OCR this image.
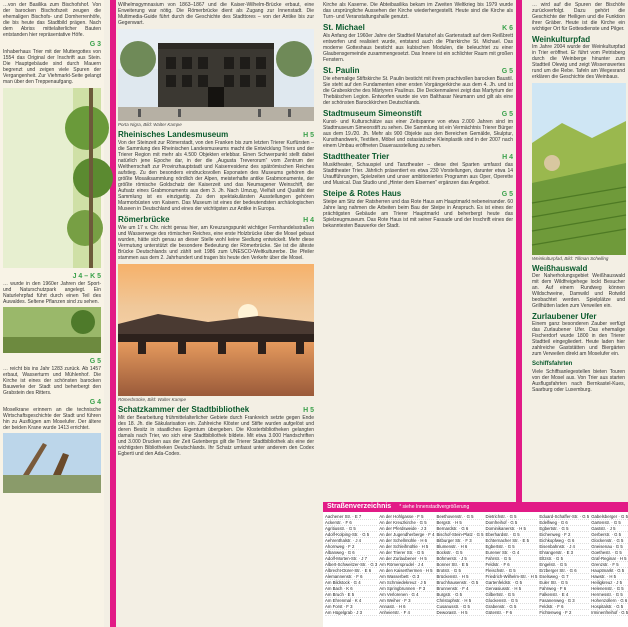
…von der Basilika zum Bischofshof. Von der barocken Bischofszeit zeugen die ehemaligen Bischofs- und Domherrenhöfe, die bis heute das Stadtbild prägen. Nach dem Abriss mittelalterlicher Bauten entstanden hier repräsentative Höfe.
G 3
Inhaberhaus Trier mit der Muttergottes von 1554 das Original der Inschrift aus Stein. Die Hauptgebäude sind durch Mauern begrenzt und zeigen viele Spuren der Vergangenheit. Zur Viehmarkt-Seite gelangt man über den Treppenaufgang.
J 4 – K 5
… wurde in den 1960er Jahren der Sport- und Naturschutzpark angelegt. Ein Naturlehrpfad führt durch einen Teil des Auwaldes. Seltene Pflanzen sind zu sehen.
G 5
… reicht bis ins Jahr 1283 zurück. Ab 1457 erbaut, Wasserturm und Mühlenhof. Die Kirche ist eines der schönsten barocken Bauwerke der Stadt und beherbergt den Grabstein des Ritters.
G 4
Moselkrane erinnern an die technische Wirtschaftsgeschichte der Stadt und führen hin zu Ausflügen am Moselufer. Der ältere der beiden Krane wurde 1413 errichtet.
Wilhelmsgymnasium von 1863–1867 und die Kaiser-Wilhelm-Brücke erbaut, eine Erweiterung war nötig. Die Römerbrücke dient als Zugang zur Innenstadt. Die Multimedia-Guide führt durch die Geschichte des Stadttores – von der Antike bis zur Gegenwart.
Porta Nigra, Bild: Walter Kampe
Rheinisches Landesmuseum	H 5
Von der Steinzeit zur Römerstadt, von den Franken bis zum letzten Trierer Kurfürsten – die Sammlung des Rheinischen Landesmuseums macht die Entwicklung Triers und der Trierer Region mit mehr als 4.500 Objekten erlebbar. Einen Schwerpunkt stellt dabei natürlich jene Epoche dar, in der die „Augusta Treverorum“ vom Zentrum der Weltherrschaft zur Provinzhauptstadt und Kaiserresidenz des spätrömischen Reiches aufstieg. Zu den besonders eindrucksvollen Exponaten des Museums gehören die größte Mosaiksammlung nördlich der Alpen, meisterhafte antike Grabmonumente, der größte römische Goldschatz der Kaiserzeit und das Neumagener Weinschiff, der Aufsatz eines Grabmonuments aus dem 3. Jh. Nach Umzug, Vielfalt und Qualität der Sammlung ist es einzigartig. Zu den spektakulärsten Ausstellungen gehören Marmorbüsten von Kaisern. Das Museum ist eines der bedeutendsten archäologischen Museen in Deutschland und eines der wichtigsten zur Antike in Europa.
Römerbrücke	H 4
Wie um 17 v. Chr. nicht genau hier, am Kreuzungspunkt wichtiger Fernhandelsstraßen und Wasserwege des römischen Reiches, eine erste Holzbrücke über die Mosel gebaut wurden, hätte sich genau an dieser Stelle wohl keine Siedlung entwickelt. Mehr diese Vermutung unterstützt die besondere Bedeutung der Römerbrücke. Sie ist die älteste Brücke Deutschlands und zählt seit 1986 zum UNESCO-Weltkulturerbe. Die Pfeiler stammen aus dem 2. Jahrhundert und tragen bis heute den Verkehr über die Mosel.
Römerbrücke, Bild: Walter Kampe
Schatzkammer der Stadtbibliothek	H 5
Mit der Bearbeitung frühmittelalterlicher Gebiete durch Frankreich setzte gegen Ende des 18. Jh. die Säkularisation ein. Zahlreiche Klöster und Stifte wurden aufgelöst und deren Besitz in staatliches Eigentum übergeben. Die Klosterbibliotheken gelangten damals nach Trier, wo sich eine Stadtbibliothek bildete. Mit etwa 3.000 Handschriften und 3.000 Drucken aus der Zeit Gutenbergs gilt die Trierer Stadtbibliothek als eine der wichtigsten Bibliotheken Deutschlands. Ihr Schatz umfasst unter anderem den Codex Egberti und den Ada-Codex.
Kirche als Kaserne. Die Abteibasilika bekam im Zweiten Weltkrieg bis 1979 wurde das ursprüngliche Aussehen der Kirche wiederhergestellt. Heute sind die Kirche als Turn- und Veranstaltungshalle genutzt.
St. Michael	K 6
Als Anfang der 1960er Jahre der Stadtteil Mariahof als Gartenstadt auf dem Reißbrett entworfen und realisiert wurde, entstand auch die Pfarrkirche St. Michael. Das moderne Gotteshaus besticht aus kubischen Modulen, die beleuchtet zu einer Glaubensgemeinde zusammengesetzt. Das Innere ist ein schlichter Raum mit großen Fenstern.
St. Paulin	G 5
Die ehemalige Stiftskirche St. Paulin besticht mit ihrem prachtvollen barocken Baustil. Sie steht auf den Fundamenten einer ersten Vorgängerkirche aus dem 4. Jh. und ist die Grabeskirche des Märtyrers Paulinus. Die Deckenmalerei zeigt das Martyrium der Thebäischen Legion. Entworfen wurde sie von Balthasar Neumann und gilt als eine der schönsten Barockkirchen Deutschlands.
Stadtmuseum Simeonstift	G 5
Kunst- und Kulturschätze aus einer Zeitspanne von etwa 2.000 Jahren sind im Stadtmuseum Simeonstift zu sehen. Die Sammlung ist ein Vermächtnis Trierer Bürger aus dem 19./20. Jh. Mehr als 900 Objekte aus den Bereichen Gemälde, Skulptur, Kunsthandwerk, Textilien, Möbel und ostasiatische Kleinplastik sind in der 2007 nach einem Umbau eröffneten Dauerausstellung zu sehen.
Stadttheater Trier	H 4
Musiktheater, Schauspiel und Tanztheater – diese drei Sparten umfasst das Stadttheater Trier. Jährlich präsentiert es etwa 230 Vorstellungen, darunter etwa 14 Uraufführungen, Spielzeiten und unser ambitioniertes Programm aus Oper, Operette und Musical. Das Studio und „Hinter dem Eisernen“ ergänzen das Angebot.
Steipe & Rotes Haus	G 5
Steipe am Sitz der Ratsherren und das Rote Haus am Hauptmarkt nebeneinander. 60 Jahre lang nahmen die Arbeiten beim Bau der Steipe in Anspruch. Es ist eines der prächtigsten Gebäude am Trierer Hauptmarkt und beherbergt heute das Spielzeugmuseum. Das Rote Haus ist mit seiner Fassade und der Inschrift eines der bekanntesten Bauwerke der Stadt.
… wird auf die Spuren der Bischöfe zurückverfolgt. Dazu gehört die Geschichte der Heiligen und die Funktion ihrer Gräber. Heute ist die Kirche ein wichtiger Ort für Gottesdienste und Pilger.
Weinkulturpfad
Im Jahre 2004 wurde der Weinkulturpfad in Trier eröffnet. Er führt vom Petrisberg durch die Weinberge hinunter zum Stadtteil Olewig und zeigt Wissenswertes rund um die Rebe. Tafeln am Wegesrand erklären die Geschichte des Weinbaus.
Weinkulturpfad, Bild: Tillman Schelling
Weißhauswald
Der Naherholungsgebiet Weißhauswald mit dem Wildfreigehege lockt Besucher an. Auf einem Rundweg können Wildschweine, Damwild und Rotwild beobachtet werden. Spielplätze und Grillhütten laden zum Verweilen ein.
Zurlaubener Ufer
Einem ganz besonderen Zauber verfügt das Zurlaubener Ufer. Das ehemalige Fischerdorf wurde 1800 in den Trierer Stadtteil eingegliedert. Heute laden hier zahlreiche Gaststätten und Biergärten zum Verweilen direkt am Moselufer ein.
Schiffsfahrten
Viele Schiffsanlegestellen bieten Touren von der Mosel aus. Von Trier aus starten Ausflugsfahrten nach Bernkastel-Kues, Saarburg oder Luxemburg.
Straßenverzeichnis * siehe Innenstadtvergrößerung
Aachener Str. · E 7
Ackerstr. · F 6
Agritiusstr. · G 5
Adolf-Kolping-Str. · G 5
Aehrenthalstr. · J 4
Ahornweg · F 2
Albanweg · G 6
Adolf-Morten-Str. · J 7
Albert-Schweitzer-Str. · G 3
Albrecht-Dürer-Str. · E 6
Alemannenstr. · F 6
Am Bildstock · G 4
Am Bach · K 6
Am Bruch · E 5
Am Ehrenmal · K 4
Am Forst · F 3
Am Hügelgrab · J 3
An der Hohlgasse · F 5
An der Kreuzkirche · G 5
An der Pferdsweide · J 3
An der Jugendherberge · F 4
An der Schellmühle · H 6
An der Schleifmühle · H 5
An der Trierer Str. · G 5
An der Zurlaubener · H 5
Am Römersprudel · J 4
An den Kaiserthermen · H 5
Am Wasserbett · G 3
Am Schmiedekreuz · J 5
Am Springbrunnen · F 3
Am Verlorenen · G 4
Am Weiher · F 3
Annastr. · H 6
Anheierstr. · F 4
Beethovenstr. · G 5
Bergstr. · H 5
Bernardstr. · G 6
Bischof-Stein-Platz · G 5
Bitburger Str. · F 3
Blumenstr. · H 6
Bockstr. · G 5
Böhmerstr. · J 5
Bonner Str. · E 5
Brotstr. · G 5
Brückenstr. · H 5
Bruchhausenstr. · G 5
Brunnenstr. · F 4
Burgstr. · G 5
Christophstr. · H 5
Cusanusstr. · G 5
Deworastr. · H 5
Dietrichstr. · G 5
Domfreihof · G 5
Dominikanerstr. · H 5
Eberhardstr. · G 5
Echternacher Str. · E 5
Egbertstr. · G 5
Eurener Str. · G 4
Fahrstr. · G 5
Feldstr. · F 6
Fleischstr. · G 5
Friedrich-Wilhelm-Str. · H 5
Gartenfeldstr. · G 5
Gervasiusstr. · H 5
Gilbertstr. · G 5
Glockenstr. · G 5
Grabenstr. · G 5
Güterstr. · F 6
Eduard-Schaffer-Str. · G 5
Edelfweg · G 6
Egbertstr. · G 5
Eichenweg · F 2
Eichkopfweg · G 6
Eisenbahnstr. · J 4
Ehrangerstr. · E 3
Eltzstr. · G 5
Engelstr. · G 5
Erzberger Str. · G 6
Eselsweg · G 7
Euler Str. · G 5
Fahrweg · F 6
Falkenstr. · E 4
Fasanenweg · G 3
Feldstr. · F 6
Fichtenweg · F 2
Gabelsberger · G 5
Gartenstr. · G 5
Gaststr. · J 5
Gerberstr. · G 5
Glockenstr. · G 5
Gneisenau · G 5
Goethestr. · G 5
Graf-Reginar · H 5
Grenzstr. · F 5
Hauptmarkt · G 5
Hawstr. · H 5
Heiligkreuz · J 5
Helenenstr. · G 5
Hermesstr. · G 5
Hohenzollern · G 6
Hospitalstr. · G 5
Irminenfreihof · G 5
